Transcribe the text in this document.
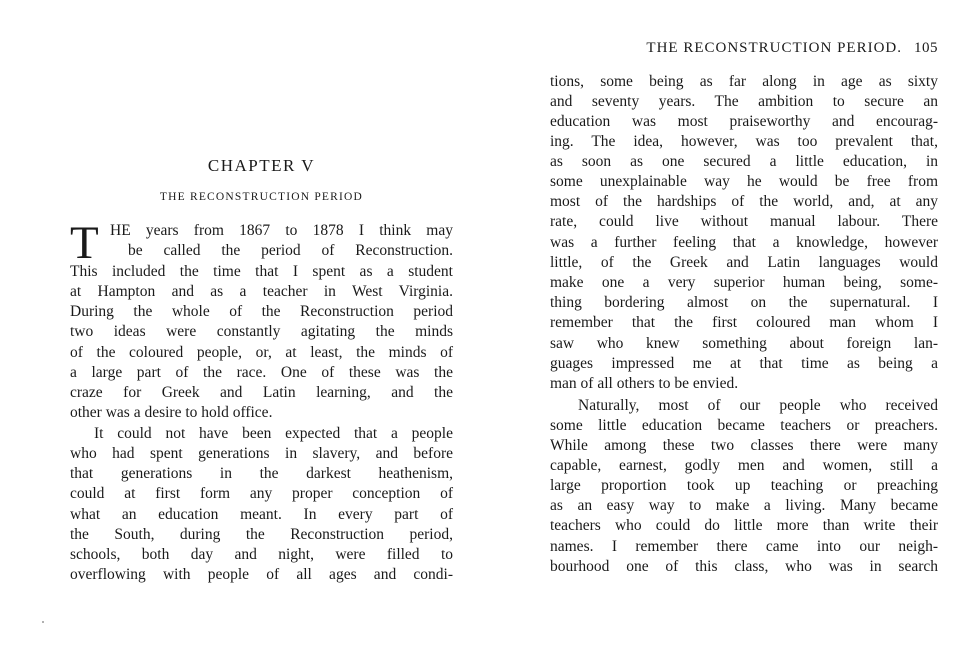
CHAPTER V
THE RECONSTRUCTION PERIOD
T HE years from 1867 to 1878 I think may
be called the period of Reconstruction.
This included the time that I spent as a student
at Hampton and as a teacher in West Virginia.
During the whole of the Reconstruction period
two ideas were constantly agitating the minds
of the coloured people, or, at least, the minds of
a large part of the race. One of these was the
craze for Greek and Latin learning, and the
other was a desire to hold office.
It could not have been expected that a people
who had spent generations in slavery, and before
that generations in the darkest heathenism,
could at first form any proper conception of
what an education meant. In every part of
the South, during the Reconstruction period,
schools, both day and night, were filled to
overflowing with people of all ages and condi-
THE RECONSTRUCTION PERIOD. 105
tions, some being as far along in age as sixty
and seventy years. The ambition to secure an
education was most praiseworthy and encourag-
ing. The idea, however, was too prevalent that,
as soon as one secured a little education, in
some unexplainable way he would be free from
most of the hardships of the world, and, at any
rate, could live without manual labour. There
was a further feeling that a knowledge, however
little, of the Greek and Latin languages would
make one a very superior human being, some-
thing bordering almost on the supernatural. I
remember that the first coloured man whom I
saw who knew something about foreign lan-
guages impressed me at that time as being a
man of all others to be envied.
Naturally, most of our people who received
some little education became teachers or preachers.
While among these two classes there were many
capable, earnest, godly men and women, still a
large proportion took up teaching or preaching
as an easy way to make a living. Many became
teachers who could do little more than write their
names. I remember there came into our neigh-
bourhood one of this class, who was in search
